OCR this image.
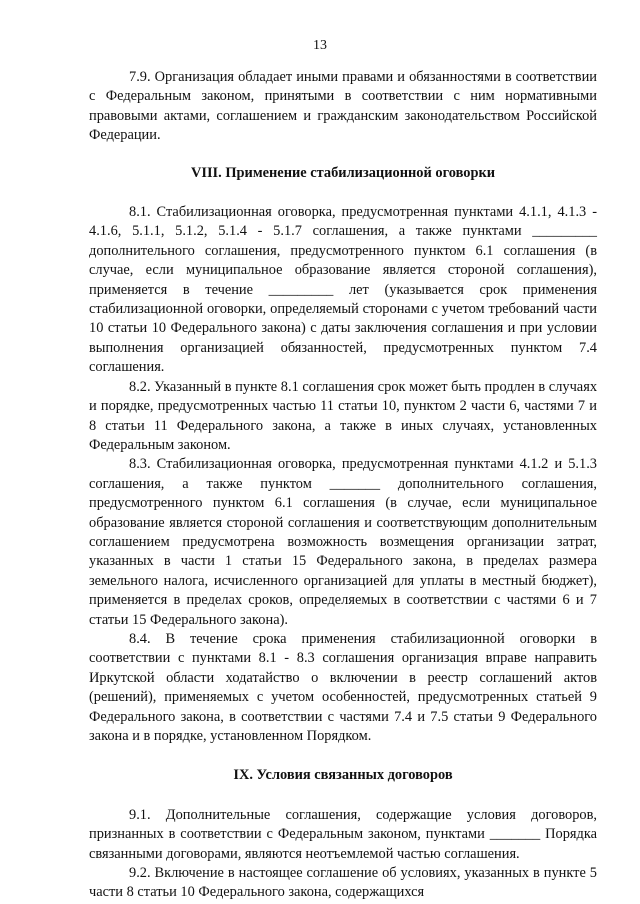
13

7.9. Организация обладает иными правами и обязанностями в соответствии с Федеральным законом, принятыми в соответствии с ним нормативными правовыми актами, соглашением и гражданским законодательством Российской Федерации.

VIII. Применение стабилизационной оговорки

8.1. Стабилизационная оговорка, предусмотренная пунктами 4.1.1, 4.1.3 - 4.1.6, 5.1.1, 5.1.2, 5.1.4 - 5.1.7 соглашения, а также пунктами _________ дополнительного соглашения, предусмотренного пунктом 6.1 соглашения (в случае, если муниципальное образование является стороной соглашения), применяется в течение _________ лет (указывается срок применения стабилизационной оговорки, определяемый сторонами с учетом требований части 10 статьи 10 Федерального закона) с даты заключения соглашения и при условии выполнения организацией обязанностей, предусмотренных пунктом 7.4 соглашения.

8.2. Указанный в пункте 8.1 соглашения срок может быть продлен в случаях и порядке, предусмотренных частью 11 статьи 10, пунктом 2 части 6, частями 7 и 8 статьи 11 Федерального закона, а также в иных случаях, установленных Федеральным законом.

8.3. Стабилизационная оговорка, предусмотренная пунктами 4.1.2 и 5.1.3 соглашения, а также пунктом _______ дополнительного соглашения, предусмотренного пунктом 6.1 соглашения (в случае, если муниципальное образование является стороной соглашения и соответствующим дополнительным соглашением предусмотрена возможность возмещения организации затрат, указанных в части 1 статьи 15 Федерального закона, в пределах размера земельного налога, исчисленного организацией для уплаты в местный бюджет), применяется в пределах сроков, определяемых в соответствии с частями 6 и 7 статьи 15 Федерального закона).

8.4. В течение срока применения стабилизационной оговорки в соответствии с пунктами 8.1 - 8.3 соглашения организация вправе направить Иркутской области ходатайство о включении в реестр соглашений актов (решений), применяемых с учетом особенностей, предусмотренных статьей 9 Федерального закона, в соответствии с частями 7.4 и 7.5 статьи 9 Федерального закона и в порядке, установленном Порядком.

IX. Условия связанных договоров

9.1. Дополнительные соглашения, содержащие условия договоров, признанных в соответствии с Федеральным законом, пунктами _______ Порядка связанными договорами, являются неотъемлемой частью соглашения.

9.2. Включение в настоящее соглашение об условиях, указанных в пункте 5 части 8 статьи 10 Федерального закона, содержащихся
